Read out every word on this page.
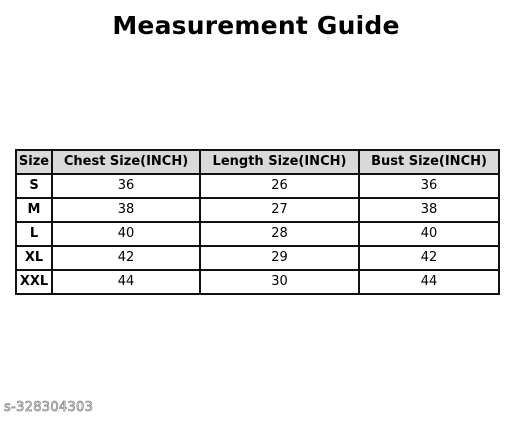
Measurement Guide
Size	Chest Size(INCH)	Length Size(INCH)	Bust Size(INCH)
S	36	26	36
M	38	27	38
L	40	28	40
XL	42	29	42
XXL	44	30	44
s-328304303
